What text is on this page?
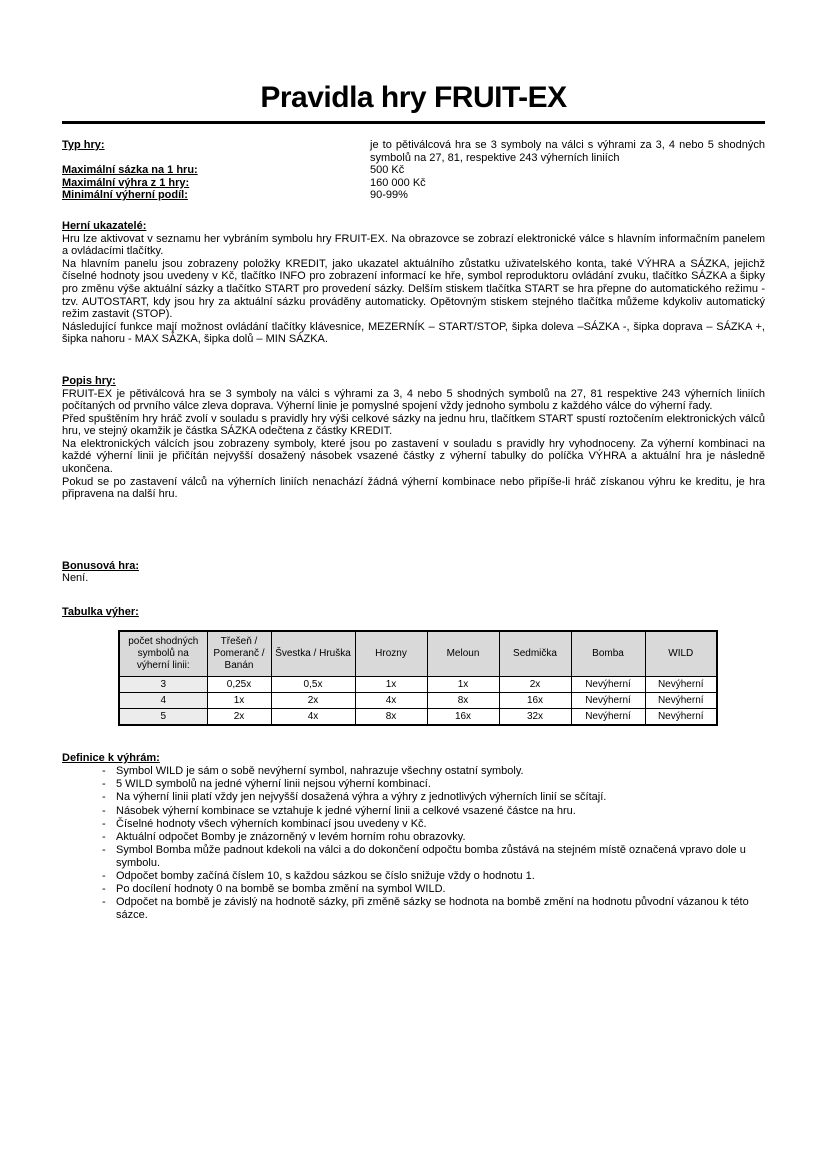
Pravidla hry FRUIT-EX
Typ hry:	je to pětiválcová hra se 3 symboly na válci s výhrami za 3, 4 nebo 5 shodných symbolů na 27, 81, respektive 243 výherních liniích
Maximální sázka na 1 hru:	500 Kč
Maximální výhra z 1 hry:	160 000 Kč
Minimální výherní podíl:	90-99%
Herní ukazatelé:

Hru lze aktivovat v seznamu her vybráním symbolu hry FRUIT-EX. Na obrazovce se zobrazí elektronické válce s hlavním informačním panelem a ovládacími tlačítky.

Na hlavním panelu jsou zobrazeny položky KREDIT, jako ukazatel aktuálního zůstatku uživatelského konta, také VÝHRA a SÁZKA, jejichž číselné hodnoty jsou uvedeny v Kč, tlačítko INFO pro zobrazení informací ke hře, symbol reproduktoru ovládání zvuku, tlačítko SÁZKA a šipky pro změnu výše aktuální sázky a tlačítko START pro provedení sázky. Delším stiskem tlačítka START se hra přepne do automatického režimu - tzv. AUTOSTART, kdy jsou hry za aktuální sázku prováděny automaticky. Opětovným stiskem stejného tlačítka můžeme kdykoliv automatický režim zastavit (STOP).

Následující funkce mají možnost ovládání tlačítky klávesnice, MEZERNÍK – START/STOP, šipka doleva –SÁZKA -, šipka doprava – SÁZKA +, šipka nahoru - MAX SÁZKA, šipka dolů – MIN SÁZKA.

Popis hry:

FRUIT-EX je pětiválcová hra se 3 symboly na válci s výhrami za 3, 4 nebo 5 shodných symbolů na 27, 81 respektive 243 výherních liniích počítaných od prvního válce zleva doprava. Výherní linie je pomyslné spojení vždy jednoho symbolu z každého válce do výherní řady.

Před spuštěním hry hráč zvolí v souladu s pravidly hry výši celkové sázky na jednu hru, tlačítkem START spustí roztočením elektronických válců hru, ve stejný okamžik je částka SÁZKA odečtena z částky KREDIT.

Na elektronických válcích jsou zobrazeny symboly, které jsou po zastavení v souladu s pravidly hry vyhodnoceny. Za výherní kombinaci na každé výherní linii je přičítán nejvyšší dosažený násobek vsazené částky z výherní tabulky do políčka VÝHRA a aktuální hra je následně ukončena.

Pokud se po zastavení válců na výherních liniích nenachází žádná výherní kombinace nebo připíše-li hráč získanou výhru ke kreditu, je hra připravena na další hru.

Bonusová hra:

Není.

Tabulka výher:
počet shodných symbolů na výherní linii:	Třešeň / Pomeranč / Banán	Švestka / Hruška	Hrozny	Meloun	Sedmička	Bomba	WILD
3	0,25x	0,5x	1x	1x	2x	Nevýherní	Nevýherní
4	1x	2x	4x	8x	16x	Nevýherní	Nevýherní
5	2x	4x	8x	16x	32x	Nevýherní	Nevýherní
Definice k výhrám:
- Symbol WILD je sám o sobě nevýherní symbol, nahrazuje všechny ostatní symboly.
- 5 WILD symbolů na jedné výherní linii nejsou výherní kombinací.
- Na výherní linii platí vždy jen nejvyšší dosažená výhra a výhry z jednotlivých výherních linií se sčítají.
- Násobek výherní kombinace se vztahuje k jedné výherní linii a celkové vsazené částce na hru.
- Číselné hodnoty všech výherních kombinací jsou uvedeny v Kč.
- Aktuální odpočet Bomby je znázorněný v levém horním rohu obrazovky.
- Symbol Bomba může padnout kdekoli na válci a do dokončení odpočtu bomba zůstává na stejném místě označená vpravo dole u symbolu.
- Odpočet bomby začíná číslem 10, s každou sázkou se číslo snižuje vždy o hodnotu 1.
- Po docílení hodnoty 0 na bombě se bomba změní na symbol WILD.
- Odpočet na bombě je závislý na hodnotě sázky, při změně sázky se hodnota na bombě změní na hodnotu původní vázanou k této sázce.
